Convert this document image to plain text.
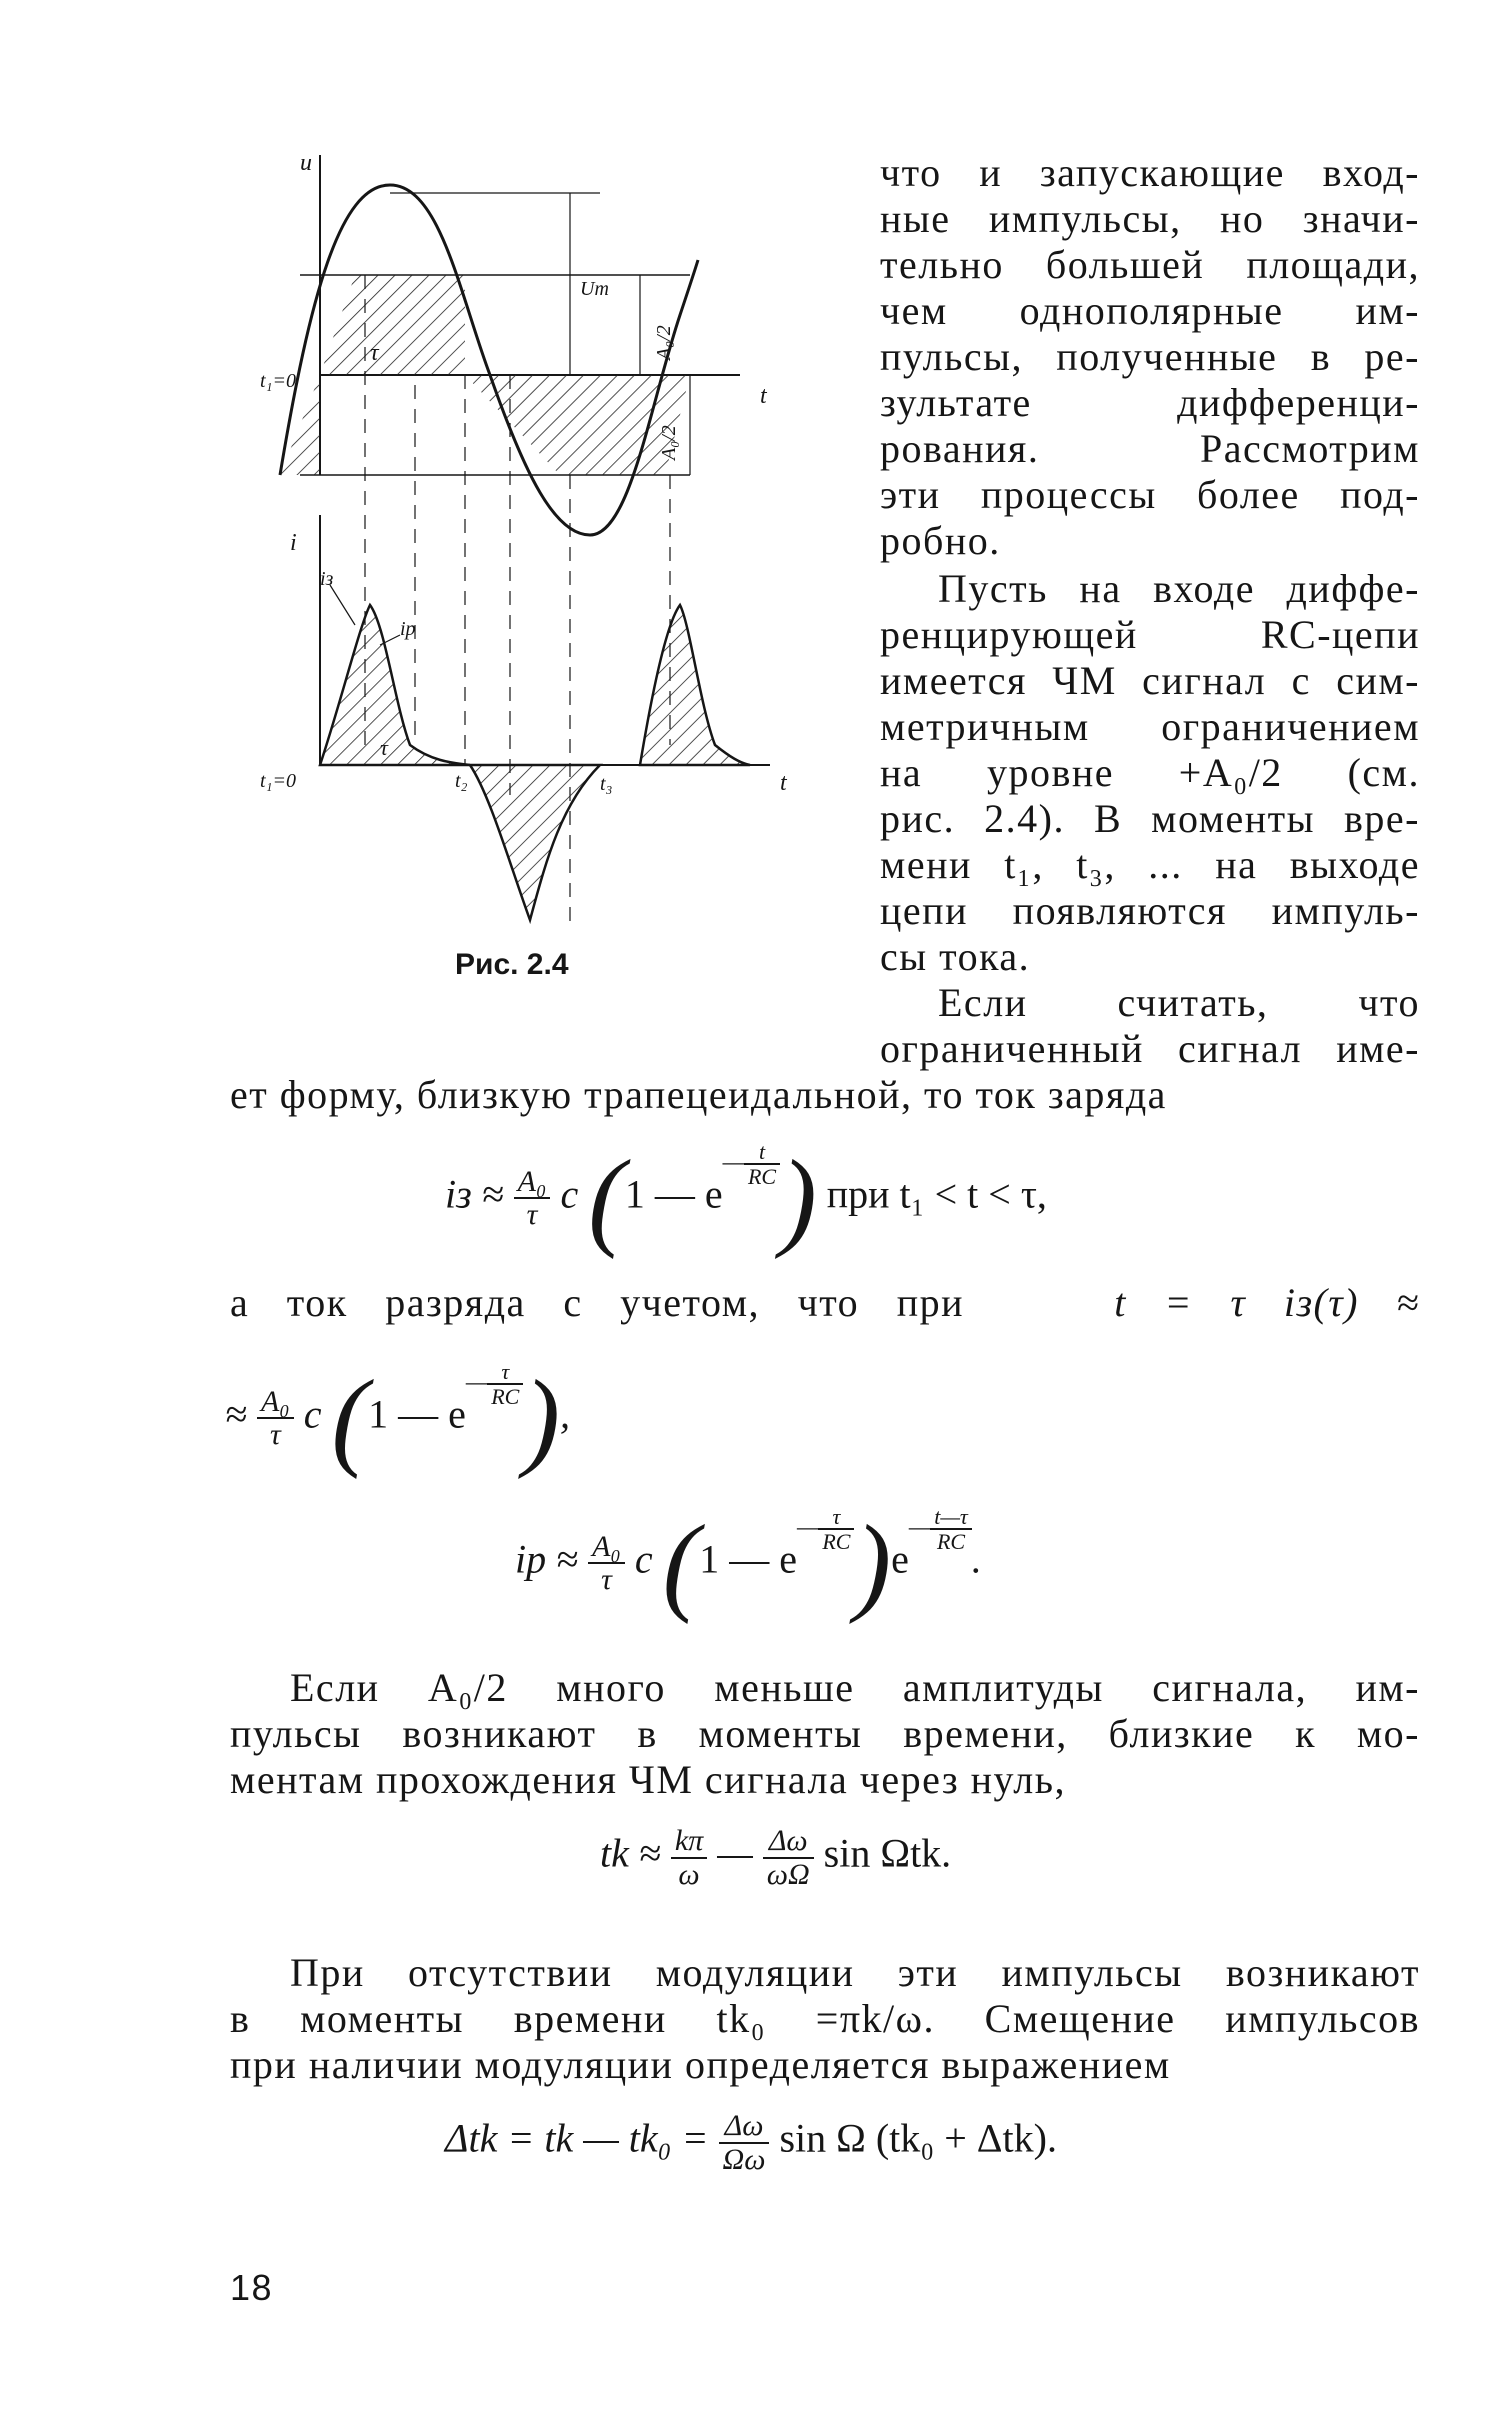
u
t
t₁=0
Um
A₀/2
A₀/2
τ
i
iз
iр
τ
t₁=0	t₂	t₃	t
Рис. 2.4
что и запускающие вход-
ные импульсы, но значи-
тельно большей площади,
чем однополярные им-
пульсы, полученные в ре-
зультате дифференци-
рования. Рассмотрим
эти процессы более под-
робно.
Пусть на входе диффе-
ренцирующей RC-цепи
имеется ЧМ сигнал с сим-
метричным ограничением
на уровне +A₀/2 (см.
рис. 2.4). В моменты вре-
мени t₁, t₃, ... на выходе
цепи появляются импуль-
сы тока.
Если считать, что
ограниченный сигнал име-
ет форму, близкую трапецеидальной, то ток заряда
iз ≈ $\frac{\text{A₀}}{\tau}$ c (1 — e— $\frac{t}{RC}$ ) при t₁ < t < τ,
а ток разряда с учетом, что при	t = τ iз(τ) ≈
≈ $\frac{\text{A₀}}{\tau}$ c (1 — e— $\frac{\tau}{RC}$ ),
iр ≈ $\frac{\text{A₀}}{\tau}$ c (1 — e— $\frac{\tau}{RC}$ )e— $\frac{t—\tau}{RC}$
.
Если A₀/2 много меньше амплитуды сигнала, им-
пульсы возникают в моменты времени, близкие к мо-
ментам прохождения ЧМ сигнала через нуль,
tk ≈ $\frac{k\pi}{\omega}$ — $\frac{\Delta\omega}{\omega\Omega}$ sin Ωtk.
При отсутствии модуляции эти импульсы возникают
в моменты времени tk₀ =πk/ω. Смещение импульсов
при наличии модуляции определяется выражением
Δtk = tk — $tk_0 = \frac{\Delta\omega}{\Omega\omega}$ sin Ω (tk₀ + Δtk).
18
